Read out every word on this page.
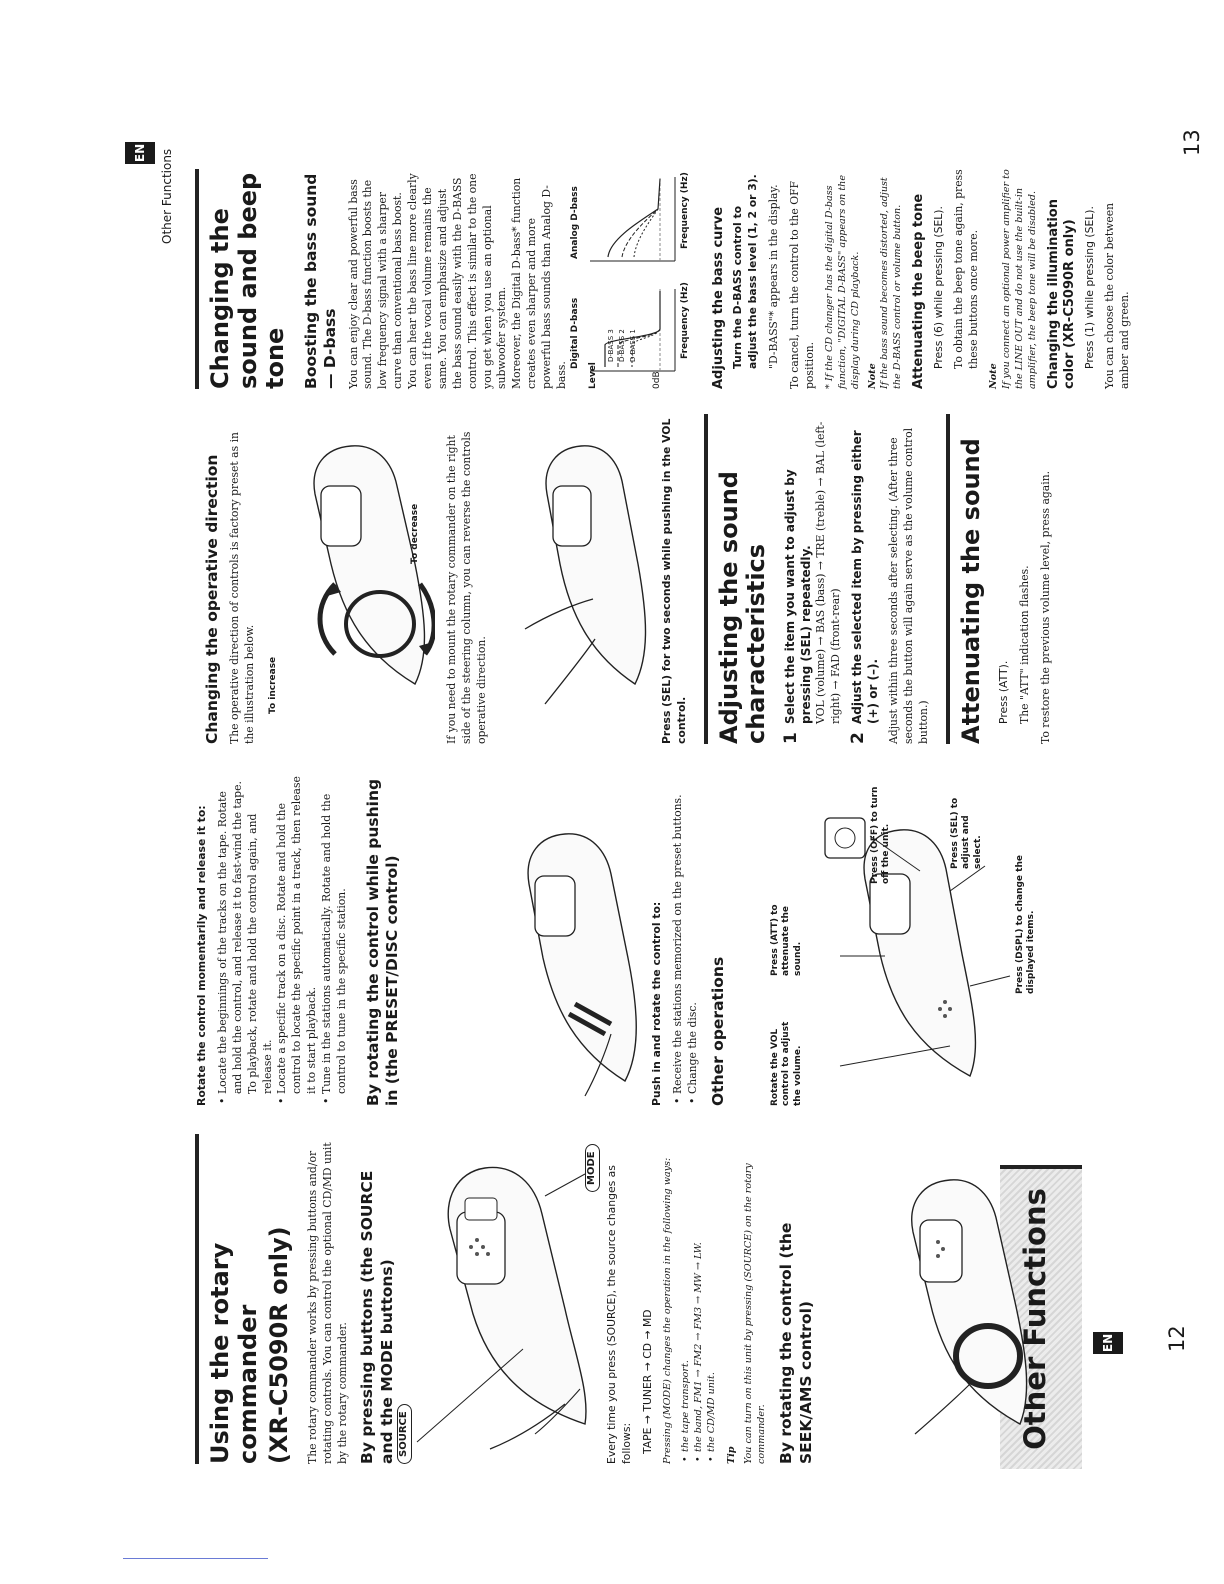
Other Functions	EN	12
Using the rotary commander (XR-C5090R only) The rotary commander works by pressing buttons and/or rotating controls. You can control the optional CD/MD unit by the rotary commander. By pressing buttons (the SOURCE and the MODE buttons) SOURCE
MODE Every time you press (SOURCE), the source changes as follows: TAPE → TUNER → CD → MD Pressing (MODE) changes the operation in the following ways: • the tape transport. • the band, FM1 → FM2 → FM3 → MW → LW. • the CD/MD unit.

Tip You can turn on this unit by pressing (SOURCE) on the rotary commander. By rotating the control (the SEEK/AMS control)

Rotate the control momentarily and release it to: • Locate the beginnings of the tracks on the tape. Rotate and hold the control, and release it to fast-wind the tape. To playback, rotate and hold the control again, and release it. • Locate a specific track on a disc. Rotate and hold the control to locate the specific point in a track, then release it to start playback. • Tune in the stations automatically. Rotate and hold the control to tune in the specific station. By rotating the control while pushing in (the PRESET/DISC control)	Push in and rotate the control to: • Receive the stations memorized on the preset buttons. • Change the disc. Other operations	Rotate the VOL control to adjust the volume.
Press (ATT) to attenuate the sound.
Press (OFF) to turn off the unit.	Press (SEL) to adjust and select.
Press (DSPL) to change the displayed items.
Other Functions
EN	13
Changing the operative direction The operative direction of controls is factory preset as in the illustration below. To increase
To decrease If you need to mount the rotary commander on the right side of the steering column, you can reverse the controls operative direction.	Press (SEL) for two seconds while pushing in the VOL control.	Adjusting the sound characteristics 1
Select the item you want to adjust by pressing (SEL) repeatedly. VOL (volume) → BAS (bass) → TRE (treble) → BAL (left-right) → FAD (front-rear)

2
Adjust the selected item by pressing either (+) or (–). Adjust within three seconds after selecting. (After three seconds the button will again serve as the volume control button.)	Attenuating the sound Press (ATT). The "ATT" indication flashes. To restore the previous volume level, press again.

Changing the sound and beep tone Boosting the bass sound — D-bass You can enjoy clear and powerful bass sound. The D-bass function boosts the low frequency signal with a sharper curve than conventional bass boost. You can hear the bass line more clearly even if the vocal volume remains the same. You can emphasize and adjust the bass sound easily with the D-BASS control. This effect is similar to the one you get when you use an optional subwoofer system. Moreover, the Digital D-bass* function creates even sharper and more powerful bass sounds than Analog D-bass.

Digital D-bass
Analog D-bass
Level	0dB
D-BASS 3 D-BASS 2 D-BASS 1	Frequency (Hz)
Frequency (Hz) Adjusting the bass curve Turn the D-BASS control to adjust the bass level (1, 2 or 3). "D-BASS"* appears in the display. To cancel, turn the control to the OFF position. * If the CD changer has the digital D-bass function, "DIGITAL D-BASS" appears on the display during CD playback. Note If the bass sound becomes distorted, adjust the D-BASS control or volume button. Attenuating the beep tone Press (6) while pressing (SEL). To obtain the beep tone again, press these buttons once more.

Note If you connect an optional power amplifier to the LINE OUT and do not use the built-in amplifier, the beep tone will be disabled. Changing the illumination color (XR-C5090R only) Press (1) while pressing (SEL). You can choose the color between amber and green.
